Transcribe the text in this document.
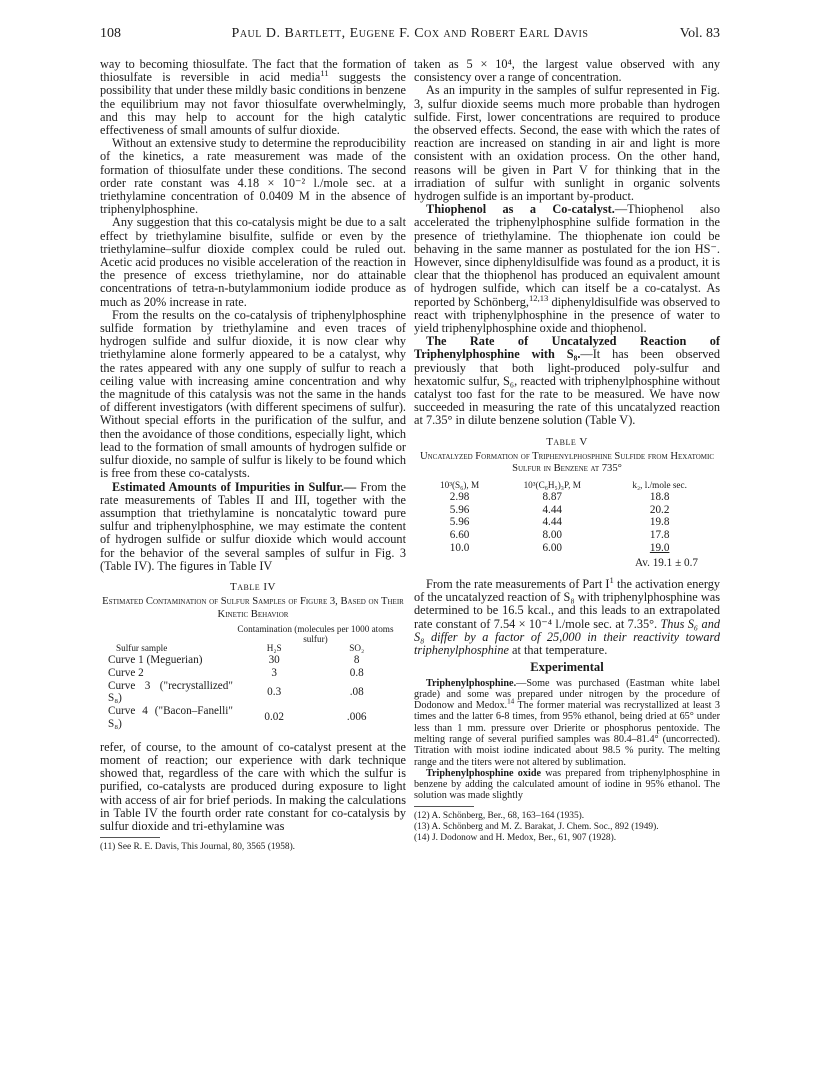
108	Paul D. Bartlett, Eugene F. Cox and Robert Earl Davis	Vol. 83

way to becoming thiosulfate. The fact that the formation of thiosulfate is reversible in acid media$^{11}$ suggests the possibility that under these mildly basic conditions in benzene the equilibrium may not favor thiosulfate overwhelmingly, and this may help to account for the high catalytic effectiveness of small amounts of sulfur dioxide.

Without an extensive study to determine the reproducibility of the kinetics, a rate measurement was made of the formation of thiosulfate under these conditions. The second order rate constant was 4.18 × 10⁻² l./mole sec. at a triethylamine concentration of 0.0409 M in the absence of triphenylphosphine.

Any suggestion that this co-catalysis might be due to a salt effect by triethylamine bisulfite, sulfide or even by the triethylamine–sulfur dioxide complex could be ruled out. Acetic acid produces no visible acceleration of the reaction in the presence of excess triethylamine, nor do attainable concentrations of tetra-n-butylammonium iodide produce as much as 20% increase in rate.

From the results on the co-catalysis of triphenylphosphine sulfide formation by triethylamine and even traces of hydrogen sulfide and sulfur dioxide, it is now clear why triethylamine alone formerly appeared to be a catalyst, why the rates appeared with any one supply of sulfur to reach a ceiling value with increasing amine concentration and why the magnitude of this catalysis was not the same in the hands of different investigators (with different specimens of sulfur). Without special efforts in the purification of the sulfur, and then the avoidance of those conditions, especially light, which lead to the formation of small amounts of hydrogen sulfide or sulfur dioxide, no sample of sulfur is likely to be found which is free from these co-catalysts.

Estimated Amounts of Impurities in Sulfur.— From the rate measurements of Tables II and III, together with the assumption that triethylamine is noncatalytic toward pure sulfur and triphenylphosphine, we may estimate the content of hydrogen sulfide or sulfur dioxide which would account for the behavior of the several samples of sulfur in Fig. 3 (Table IV). The figures in Table IV

Table IV
Estimated Contamination of Sulfur Samples of Figure 3, Based on Their Kinetic Behavior
Sulfur sample	Contamination (molecules per 1000 atoms sulfur)	
	H₂S	SO₂
Curve 1 (Meguerian)	30	8
Curve 2	3	0.8
Curve 3 ("recrystallized" S₈)	0.3	.08
Curve 4 ("Bacon–Fanelli" S₈)	0.02	.006

refer, of course, to the amount of co-catalyst present at the moment of reaction; our experience with dark technique showed that, regardless of the care with which the sulfur is purified, co-catalysts are produced during exposure to light with access of air for brief periods. In making the calculations in Table IV the fourth order rate constant for co-catalysis by sulfur dioxide and tri-ethylamine was

(11) See R. E. Davis, This Journal, 80, 3565 (1958).

taken as 5 × 10⁴, the largest value observed with any consistency over a range of concentration.

As an impurity in the samples of sulfur represented in Fig. 3, sulfur dioxide seems much more probable than hydrogen sulfide. First, lower concentrations are required to produce the observed effects. Second, the ease with which the rates of reaction are increased on standing in air and light is more consistent with an oxidation process. On the other hand, reasons will be given in Part V for thinking that in the irradiation of sulfur with sunlight in organic solvents hydrogen sulfide is an important by-product.

Thiophenol as a Co-catalyst.—Thiophenol also accelerated the triphenylphosphine sulfide formation in the presence of triethylamine. The thiophenate ion could be behaving in the same manner as postulated for the ion HS⁻. However, since diphenyldisulfide was found as a product, it is clear that the thiophenol has produced an equivalent amount of hydrogen sulfide, which can itself be a co-catalyst. As reported by Schönberg,$^{12,13}$ diphenyldisulfide was observed to react with triphenylphosphine in the presence of water to yield triphenylphosphine oxide and thiophenol.

The Rate of Uncatalyzed Reaction of Triphenylphosphine with S₈.—It has been observed previously that both light-produced poly-sulfur and hexatomic sulfur, S₆, reacted with triphenylphosphine without catalyst too fast for the rate to be measured. We have now succeeded in measuring the rate of this uncatalyzed reaction at 7.35° in dilute benzene solution (Table V).

Table V
Uncatalyzed Formation of Triphenylphosphine Sulfide from Hexatomic Sulfur in Benzene at 735°
10³(S₆), M	10³(C₆H₅)₃P, M	k₂, l./mole sec.
2.98	8.87	18.8
5.96	4.44	20.2
5.96	4.44	19.8
6.60	8.00	17.8
10.0	6.00	19.0
Av. 19.1 ± 0.7

From the rate measurements of Part $I^1$ the activation energy of the uncatalyzed reaction of S₈ with triphenylphosphine was determined to be 16.5 kcal., and this leads to an extrapolated rate constant of 7.54 × 10⁻⁴ l./mole sec. at 7.35°. Thus S₆ and S₈ differ by a factor of 25,000 in their reactivity toward triphenylphosphine at that temperature.

Experimental

Triphenylphosphine.—Some was purchased (Eastman white label grade) and some was prepared under nitrogen by the procedure of Dodonow and Medox.$^{14}$ The former material was recrystallized at least 3 times and the latter 6-8 times, from 95% ethanol, being dried at 65° under less than 1 mm. pressure over Drierite or phosphorus pentoxide. The melting range of several purified samples was 80.4–81.4° (uncorrected). Titration with moist iodine indicated about 98.5 % purity. The melting range and the titers were not altered by sublimation.

Triphenylphosphine oxide was prepared from triphenylphosphine in benzene by adding the calculated amount of iodine in 95% ethanol. The solution was made slightly

(12) A. Schönberg, Ber., 68, 163–164 (1935).

(13) A. Schönberg and M. Z. Barakat, J. Chem. Soc., 892 (1949).

(14) J. Dodonow and H. Medox, Ber., 61, 907 (1928).
